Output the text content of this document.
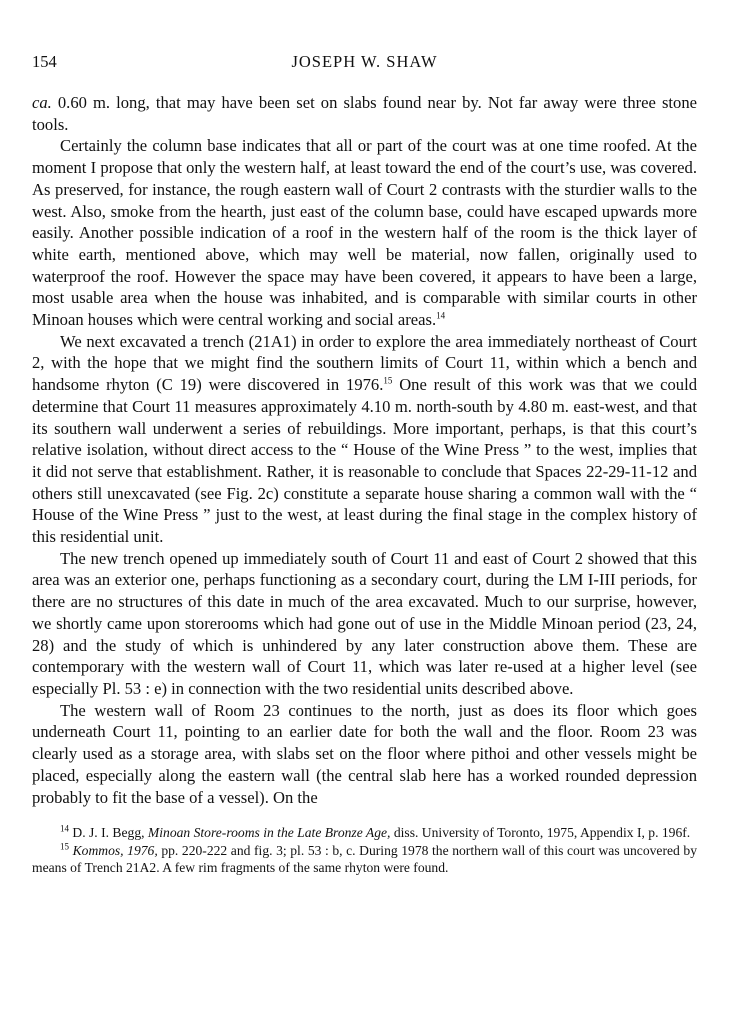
154	JOSEPH W. SHAW

ca. 0.60 m. long, that may have been set on slabs found near by. Not far away were three stone tools.

Certainly the column base indicates that all or part of the court was at one time roofed. At the moment I propose that only the western half, at least toward the end of the court’s use, was covered. As preserved, for instance, the rough eastern wall of Court 2 contrasts with the sturdier walls to the west. Also, smoke from the hearth, just east of the column base, could have escaped upwards more easily. Another possible indication of a roof in the western half of the room is the thick layer of white earth, mentioned above, which may well be material, now fallen, originally used to waterproof the roof. However the space may have been covered, it appears to have been a large, most usable area when the house was inhabited, and is comparable with similar courts in other Minoan houses which were central working and social areas.$^{14}$

We next excavated a trench (21A1) in order to explore the area immediately northeast of Court 2, with the hope that we might find the southern limits of Court 11, within which a bench and handsome rhyton (C 19) were discovered in 1976.15 One result of this work was that we could determine that Court 11 measures approximately 4.10 m. north-south by 4.80 m. east-west, and that its southern wall underwent a series of rebuildings. More important, perhaps, is that this court’s relative isolation, without direct access to the “ House of the Wine Press ” to the west, implies that it did not serve that establishment. Rather, it is reasonable to conclude that Spaces 22-29-11-12 and others still unexcavated (see Fig. 2c) constitute a separate house sharing a common wall with the “ House of the Wine Press ” just to the west, at least during the final stage in the complex history of this residential unit.

The new trench opened up immediately south of Court 11 and east of Court 2 showed that this area was an exterior one, perhaps functioning as a secondary court, during the LM I-III periods, for there are no structures of this date in much of the area excavated. Much to our surprise, however, we shortly came upon storerooms which had gone out of use in the Middle Minoan period (23, 24, 28) and the study of which is unhindered by any later construction above them. These are contemporary with the western wall of Court 11, which was later re-used at a higher level (see especially Pl. 53 : e) in connection with the two residential units described above.

The western wall of Room 23 continues to the north, just as does its floor which goes underneath Court 11, pointing to an earlier date for both the wall and the floor. Room 23 was clearly used as a storage area, with slabs set on the floor where pithoi and other vessels might be placed, especially along the eastern wall (the central slab here has a worked rounded depression probably to fit the base of a vessel). On the

$^{14}$ D. J. I. Begg, Minoan Store-rooms in the Late Bronze Age, diss. University of Toronto, 1975, Appendix I, p. 196f.

$^{15}$ Kommos, 1976, pp. 220-222 and fig. 3; pl. 53 : b, c. During 1978 the northern wall of this court was uncovered by means of Trench 21A2. A few rim fragments of the same rhyton were found.
